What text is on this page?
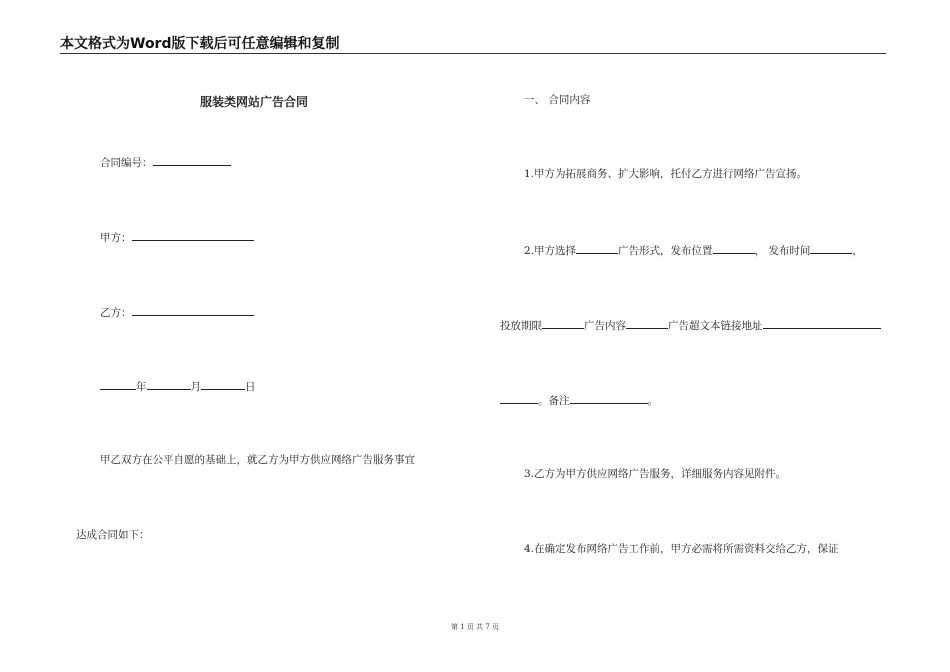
本文格式为Word版下载后可任意编辑和复制
服装类网站广告合同
合同编号：
甲方：
乙方：
年	月	日
甲乙双方在公平自愿的基础上，就乙方为甲方供应网络广告服务事宜
达成合同如下：
一、 合同内容
1.甲方为拓展商务、扩大影响，托付乙方进行网络广告宣扬。
2.甲方选择	广告形式，发布位置	， 发布时间	，
投放期限	广告内容	广告超文本链接地址
。备注	。
3.乙方为甲方供应网络广告服务，详细服务内容见附件。
4.在确定发布网络广告工作前，甲方必需将所需资料交给乙方，保证
第 1 页 共 7 页
